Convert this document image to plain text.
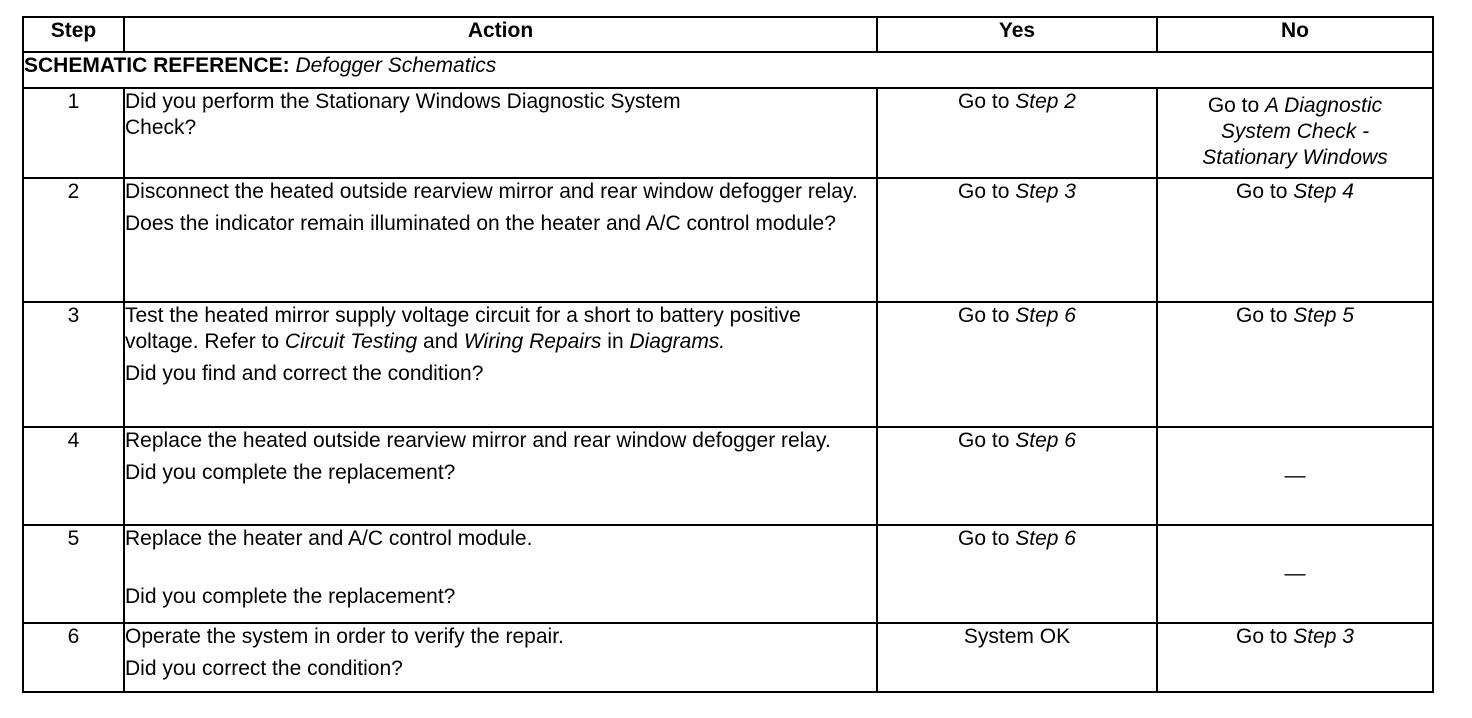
Step	Action	Yes	No
SCHEMATIC REFERENCE: Defogger Schematics			
1	Did you perform the Stationary Windows Diagnostic System Check?	Go to Step 2	Go to A Diagnostic System Check - Stationary Windows
2	Disconnect the heated outside rearview mirror and rear window defogger relay.

Does the indicator remain illuminated on the heater and A/C control module?	Go to Step 3	Go to Step 4
3	Test the heated mirror supply voltage circuit for a short to battery positive voltage. Refer to Circuit Testing and Wiring Repairs in Diagrams.

Did you find and correct the condition?	Go to Step 6	Go to Step 5
4	Replace the heated outside rearview mirror and rear window defogger relay.

Did you complete the replacement?	Go to Step 6	—
5	Replace the heater and A/C control module.

Did you complete the replacement?	Go to Step 6	—
6	Operate the system in order to verify the repair.

Did you correct the condition?	System OK	Go to Step 3
